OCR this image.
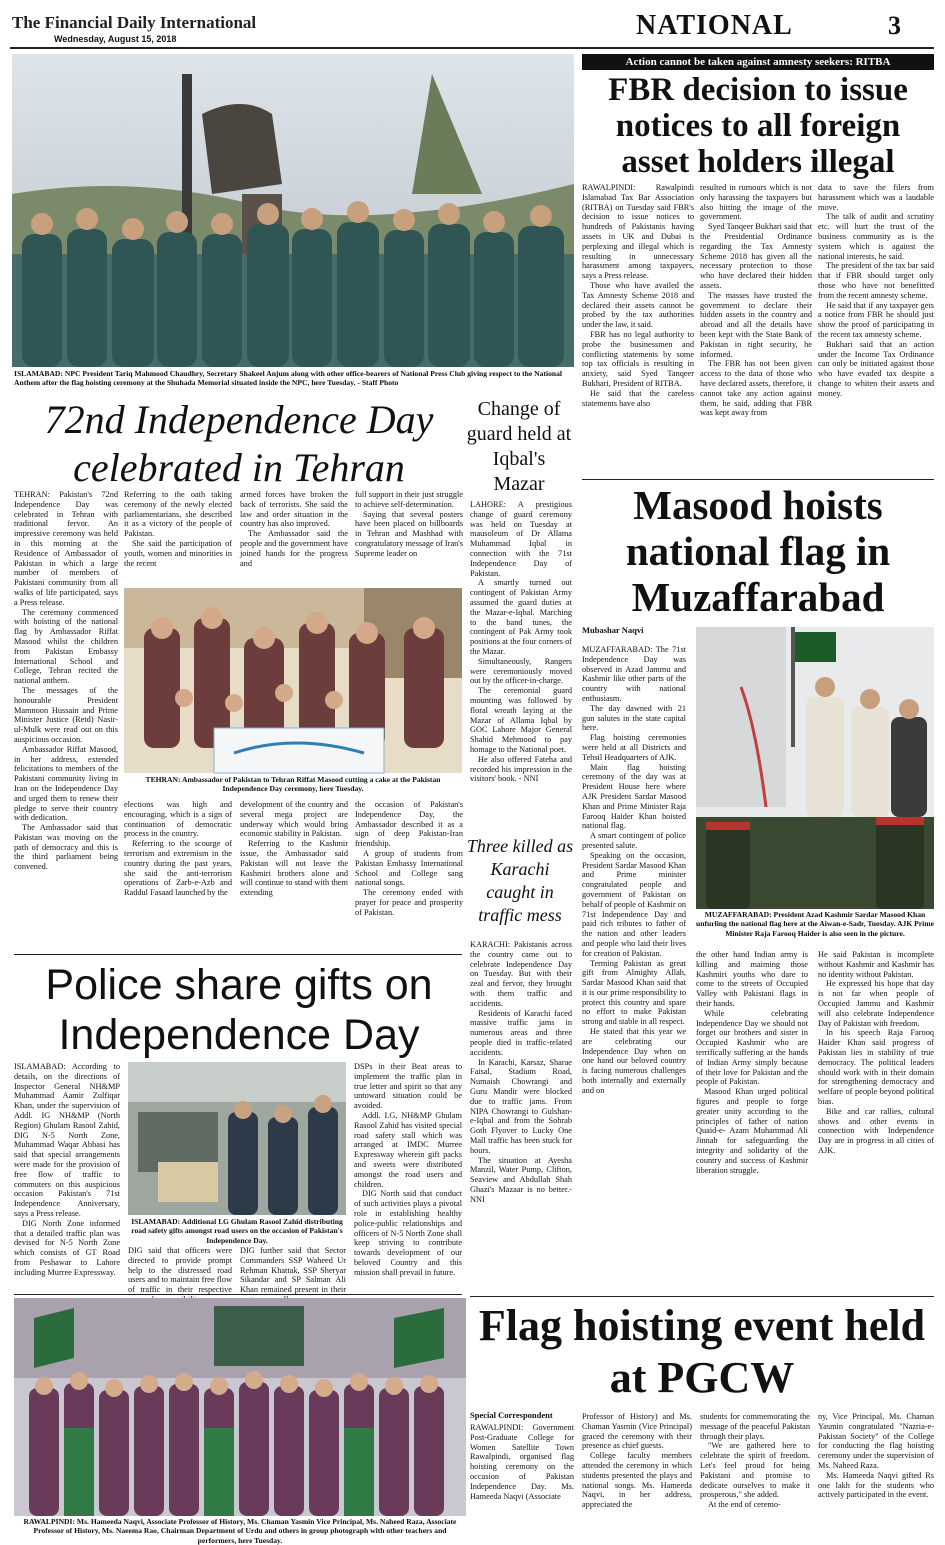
The Financial Daily International
Wednesday, August 15, 2018	NATIONAL	3
ISLAMABAD: NPC President Tariq Mahmood Chaudhry, Secretary Shakeel Anjum along with other office-bearers of National Press Club giving respect to the National Anthem after the flag hoisting ceremony at the Shuhada Memorial situated inside the NPC, here Tuesday. - Staff Photo
Action cannot be taken against amnesty seekers: RITBA
FBR decision to issue notices to all foreign asset holders illegal

RAWALPINDI: Rawalpindi Islamabad Tax Bar Association (RITBA) on Tuesday said FBR's decision to issue notices to hundreds of Pakistanis having assets in UK and Dubai is perplexing and illegal which is resulting in unnecessary harassment among taxpayers, says a Press release.

Those who have availed the Tax Amnesty Scheme 2018 and declared their assets cannot be probed by the tax authorities under the law, it said.

FBR has no legal authority to probe the businessmen and conflicting statements by some top tax officials is resulting in anxiety, said Syed Tanqeer Bukhari, President of RITBA.

He said that the careless statements have also

resulted in rumours which is not only harassing the taxpayers but also hitting the image of the government.

Syed Tanqeer Bukhari said that the Presidential Ordinance regarding the Tax Amnesty Scheme 2018 has given all the necessary protection to those who have declared their hidden assets.

The masses have trusted the government to declare their hidden assets in the country and abroad and all the details have been kept with the State Bank of Pakistan in tight security, he informed.

The FBR has not been given access to the data of those who have declared assets, therefore, it cannot take any action against them, he said, adding that FBR was kept away from

data to save the filers from harassment which was a laudable move.

The talk of audit and scrutiny etc. will hurt the trust of the business community as is the system which is against the national interests, he said.

The president of the tax bar said that if FBR should target only those who have not benefitted from the recent amnesty scheme.

He said that if any taxpayer gets a notice from FBR he should just show the proof of participating in the recent tax amnesty scheme.

Bukhari said that an action under the Income Tax Ordinance can only be initiated against those who have evaded tax despite a change to whiten their assets and money.

72nd Independence Day celebrated in Tehran

TEHRAN: Pakistan's 72nd Independence Day was celebrated in Tehran with traditional fervor. An impressive ceremony was held in this morning at the Residence of Ambassador of Pakistan in which a large number of members of Pakistani community from all walks of life participated, says a Press release.

The ceremony commenced with hoisting of the national flag by Ambassador Riffat Masood whilst the children from Pakistan Embassy International School and College, Tehran recited the national anthem.

The messages of the honourable President Mamnoon Hussain and Prime Minister Justice (Retd) Nasir-ul-Mulk were read out on this auspicious occasion.

Ambassador Riffat Masood, in her address, extended felicitations to members of the Pakistani community living in Iran on the Independence Day and urged them to renew their pledge to serve their country with dedication.

The Ambassador said that Pakistan was moving on the path of democracy and this is the third parliament being convened.

Referring to the oath taking ceremony of the newly elected parliamentarians, she described it as a victory of the people of Pakistan.

She said the participation of youth, women and minorities in the recent

armed forces have broken the back of terrorists. She said the law and order situation in the country has also improved.

The Ambassador said the people and the government have joined hands for the progress and

full support in their just struggle to achieve self-determination.

Saying that several posters have been placed on billboards in Tehran and Mashhad with congratulatory message of Iran's Supreme leader on

TEHRAN: Ambassador of Pakistan to Tehran Riffat Masood cutting a cake at the Pakistan Independence Day ceremony, here Tuesday.

elections was high and encouraging, which is a sign of continuation of democratic process in the country.

Referring to the scourge of terrorism and extremism in the country during the past years, she said the anti-terrorism operations of Zarb-e-Azb and Raddul Fasaad launched by the

development of the country and several mega project are underway which would bring economic stability in Pakistan.

Referring to the Kashmir issue, the Ambassador said Pakistan will not leave the Kashmiri brothers alone and will continue to stand with them extending

the occasion of Pakistan's Independence Day, the Ambassador described it as a sign of deep Pakistan-Iran friendship.

A group of students from Pakistan Embassy International School and College sang national songs.

The ceremony ended with prayer for peace and prosperity of Pakistan.

Change of guard held at Iqbal's Mazar

LAHORE: A prestigious change of guard ceremony was held on Tuesday at mausoleum of Dr Allama Muhammad Iqbal in connection with the 71st Independence Day of Pakistan.

A smartly turned out contingent of Pakistan Army assumed the guard duties at the Mazar-e-Iqbal. Marching to the band tunes, the contingent of Pak Army took positions at the four corners of the Mazar.

Simultaneously, Rangers were ceremoniously moved out by the officer-in-charge.

The ceremonial guard mounting was followed by floral wreath laying at the Mazar of Allama Iqbal by GOC Lahore Major General Shahid Mehmood to pay homage to the National poet.

He also offered Fateha and recorded his impression in the visitors' book. - NNI

Three killed as Karachi caught in traffic mess

KARACHI: Pakistanis across the country came out to celebrate Independence Day on Tuesday. But with their zeal and fervor, they brought with them traffic and accidents.

Residents of Karachi faced massive traffic jams in numerous areas and three people died in traffic-related accidents.

In Karachi, Karsaz, Sharae Faisal, Stadium Road, Numaish Chowrangi and Guru Mandir were blocked due to traffic jams. From NIPA Chowrangi to Gulshan-e-Iqbal and from the Sohrab Goth Flyover to Lucky One Mall traffic has been stuck for hours.

The situation at Ayesha Manzil, Water Pump, Clifton, Seaview and Abdullah Shah Ghazi's Mazaar is no better.- NNI

Masood hoists national flag in Muzaffarabad
Mubashar Naqvi

MUZAFFARABAD: The 71st Independence Day was observed in Azad Jammu and Kashmir like other parts of the country with national enthusiasm.

The day dawned with 21 gun salutes in the state capital here.

Flag hoisting ceremonies were held at all Districts and Tehsil Headquarters of AJK.

Main flag hoisting ceremony of the day was at President House here where AJK President Sardar Masood Khan and Prime Minister Raja Farooq Haider Khan hoisted national flag.

A smart contingent of police presented salute.

Speaking on the occasion, President Sardar Masood Khan and Prime minister congratulated people and government of Pakistan on behalf of people of Kashmir on 71st Independence Day and paid rich tributes to father of the nation and other leaders and people who laid their lives for creation of Pakistan.

Terming Pakistan as great gift from Almighty Allah, Sardar Masood Khan said that it is our prime responsibility to protect this country and spare no effort to make Pakistan strong and stable in all respect.

He stated that this year we are celebrating our Independence Day when on one hand our beloved country is facing numerous challenges both internally and externally and on

MUZAFFARABAD: President Azad Kashmir Sardar Masood Khan unfurling the national flag here at the Aiwan-e-Sadr, Tuesday. AJK Prime Minister Raja Farooq Haider is also seen in the picture.

the other hand Indian army is killing and maiming those Kashmiri youths who dare to come to the streets of Occupied Valley with Pakistani flags in their hands.

While celebrating Independence Day we should not forget our brothers and sister in Occupied Kashmir who are terrifically suffering at the hands of Indian Army simply because of their love for Pakistan and the people of Pakistan.

Masood Khan urged political figures and people to forge greater unity according to the principles of father of nation Quaid-e- Azam Muhammad Ali Jinnah for safeguarding the integrity and solidarity of the country and success of Kashmir liberation struggle.

He said Pakistan is incomplete without Kashmir and Kashmir has no identity without Pakistan.

He expressed his hope that day is not far when people of Occupied Jammu and Kashmir will also celebrate Independence Day of Pakistan with freedom.

In his speech Raja Farooq Haider Khan said progress of Pakistan lies in stability of true democracy. The political leaders should work with in their domain for strengthening democracy and welfare of people beyond political bias.

Bike and car rallies, cultural shows and other events in connection with Independence Day are in progress in all cities of AJK.

Police share gifts on Independence Day

ISLAMABAD: According to details, on the directions of Inspector General NH&MP Muhammad Aamir Zulfiqar Khan, under the supervision of Addl. IG NH&MP (North Region) Ghulam Rasool Zahid, DIG N-5 North Zone, Muhammad Waqar Abbasi has said that special arrangements were made for the provision of free flow of traffic to commuters on this auspicious occasion Pakistan's 71st Independence Anniversary, says a Press release.

DIG North Zone informed that a detailed traffic plan was devised for N-5 North Zone which consists of GT Road from Peshawar to Lahore including Murree Expressway.

ISLAMABAD: Additional I.G Ghulam Rasool Zahid distributing road safety gifts amongst road users on the occasion of Pakistan's Independence Day.

DIG said that officers were directed to provide prompt help to the distressed road users and to maintain free flow of traffic in their respective

DIG further said that Sector Commanders SSP Waheed Ur Rehman Khattak, SSP Sheryar Sikandar and SP Salman Ali Khan remained present in their

DSPs in their Beat areas to implement the traffic plan in true letter and spirit so that any untoward situation could be avoided.

Addl. I.G, NH&MP Ghulam Rasool Zahid has visited special road safety stall which was arranged at IMDC Murree Expressway wherein gift packs and sweets were distributed amongst the road users and children.

DIG North said that conduct of such activities plays a pivotal role in establishing healthy police-public relationships and officers of N-5 North Zone shall keep striving to contribute towards development of our beloved Country and this mission shall prevail in future.

RAWALPINDI: Ms. Hameeda Naqvi, Associate Professor of History, Ms. Chaman Yasmin Vice Principal, Ms. Naheed Raza, Associate Professor of History, Ms. Naeema Rao, Chairman Department of Urdu and others in group photograph with other teachers and performers, here Tuesday.
Flag hoisting event held at PGCW
Special Correspondent

RAWALPINDI: Government Post-Graduate College for Women Satellite Town Rawalpindi, organised flag hoisting ceremony on the occasion of Pakistan Independence Day. Ms. Hameeda Naqvi (Associate

Professor of History) and Ms. Chaman Yasmin (Vice Principal) graced the ceremony with their presence as chief guests.

College faculty members attended the ceremony in which students presented the plays and national songs. Ms. Hameeda Naqvi, in her address, appreciated the

students for commemorating the message of the peaceful Pakistan through their plays.

"We are gathered here to celebrate the spirit of freedom. Let's feel proud for being Pakistani and promise to dedicate ourselves to make it prosperous," she added.

At the end of ceremo-

ny, Vice Principal, Ms. Chaman Yasmin congratulated "Nazria-e-Pakistan Society" of the College for conducting the flag hoisting ceremony under the supervision of Ms. Naheed Raza.

Ms. Hameeda Naqvi gifted Rs one lakh for the students who actively participated in the event.
